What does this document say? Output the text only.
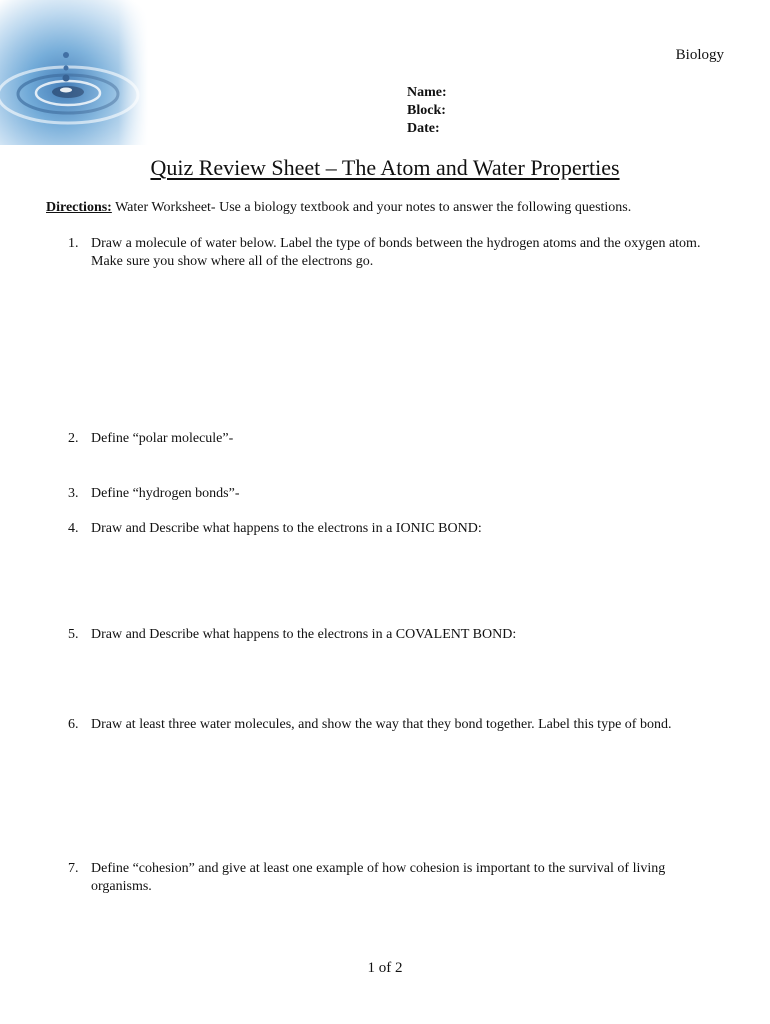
Biology
Name:
Block:
Date:
Quiz Review Sheet – The Atom and Water Properties
Directions: Water Worksheet- Use a biology textbook and your notes to answer the following questions.
1. Draw a molecule of water below. Label the type of bonds between the hydrogen atoms and the oxygen atom. Make sure you show where all of the electrons go.
2. Define “polar molecule”-
3. Define “hydrogen bonds”-
4. Draw and Describe what happens to the electrons in a IONIC BOND:
5. Draw and Describe what happens to the electrons in a COVALENT BOND:
6. Draw at least three water molecules, and show the way that they bond together. Label this type of bond.
7. Define “cohesion” and give at least one example of how cohesion is important to the survival of living organisms.
1 of 2
